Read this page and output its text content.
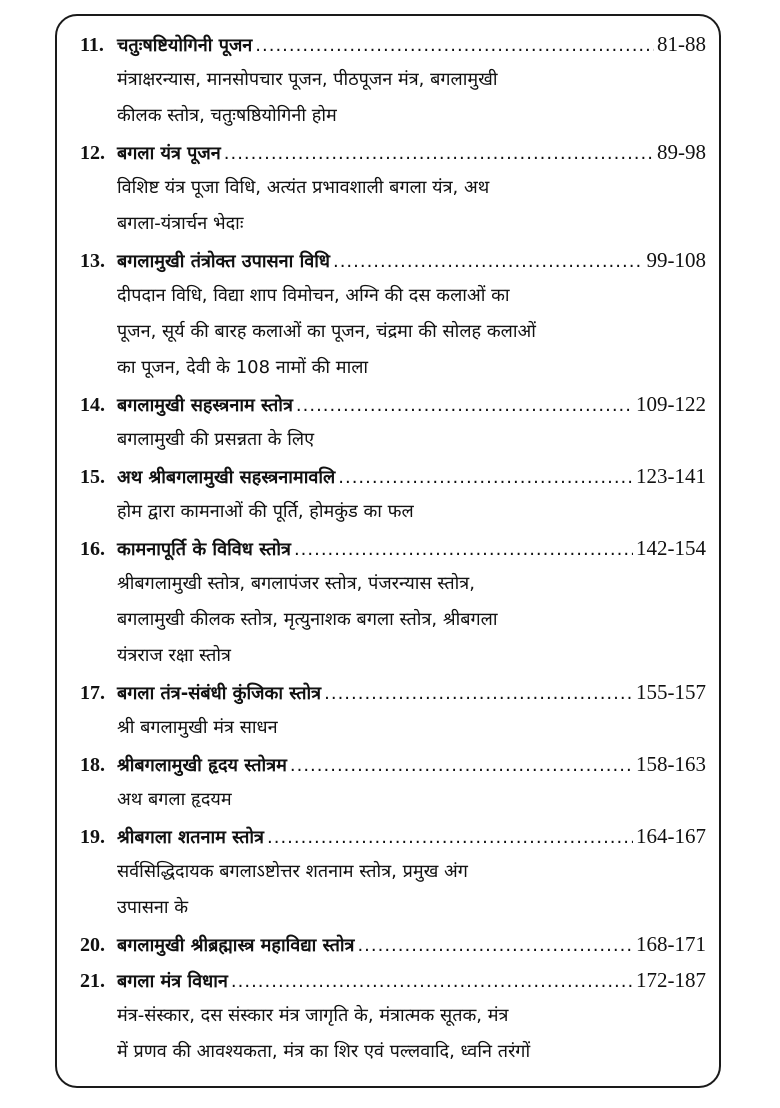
11. चतुःषष्टियोगिनी पूजन .....	81-88
मंत्राक्षरन्यास, मानसोपचार पूजन, पीठपूजन मंत्र, बगलामुखी
कीलक स्तोत्र, चतुःषष्ठियोगिनी होम
12. बगला यंत्र पूजन .....	89-98
विशिष्ट यंत्र पूजा विधि, अत्यंत प्रभावशाली बगला यंत्र, अथ
बगला-यंत्रार्चन भेदाः
13. बगलामुखी तंत्रोक्त उपासना विधि .....	99-108
दीपदान विधि, विद्या शाप विमोचन, अग्नि की दस कलाओं का
पूजन, सूर्य की बारह कलाओं का पूजन, चंद्रमा की सोलह कलाओं
का पूजन, देवी के 108 नामों की माला
14. बगलामुखी सहस्त्रनाम स्तोत्र .....	109-122
बगलामुखी की प्रसन्नता के लिए
15. अथ श्रीबगलामुखी सहस्त्रनामावलि .....	123-141
होम द्वारा कामनाओं की पूर्ति, होमकुंड का फल
16. कामनापूर्ति के विविध स्तोत्र .....	142-154
श्रीबगलामुखी स्तोत्र, बगलापंजर स्तोत्र, पंजरन्यास स्तोत्र,
बगलामुखी कीलक स्तोत्र, मृत्युनाशक बगला स्तोत्र, श्रीबगला
यंत्रराज रक्षा स्तोत्र
17. बगला तंत्र-संबंधी कुंजिका स्तोत्र .....	155-157
श्री बगलामुखी मंत्र साधन
18. श्रीबगलामुखी हृदय स्तोत्रम .....	158-163
अथ बगला हृदयम
19. श्रीबगला शतनाम स्तोत्र .....	164-167
सर्वसिद्धिदायक बगलाऽष्टोत्तर शतनाम स्तोत्र, प्रमुख अंग
उपासना के
20. बगलामुखी श्रीब्रह्मास्त्र महाविद्या स्तोत्र .....	168-171
21. बगला मंत्र विधान .....	172-187
मंत्र-संस्कार, दस संस्कार मंत्र जागृति के, मंत्रात्मक सूतक, मंत्र
में प्रणव की आवश्यकता, मंत्र का शिर एवं पल्लवादि, ध्वनि तरंगों
